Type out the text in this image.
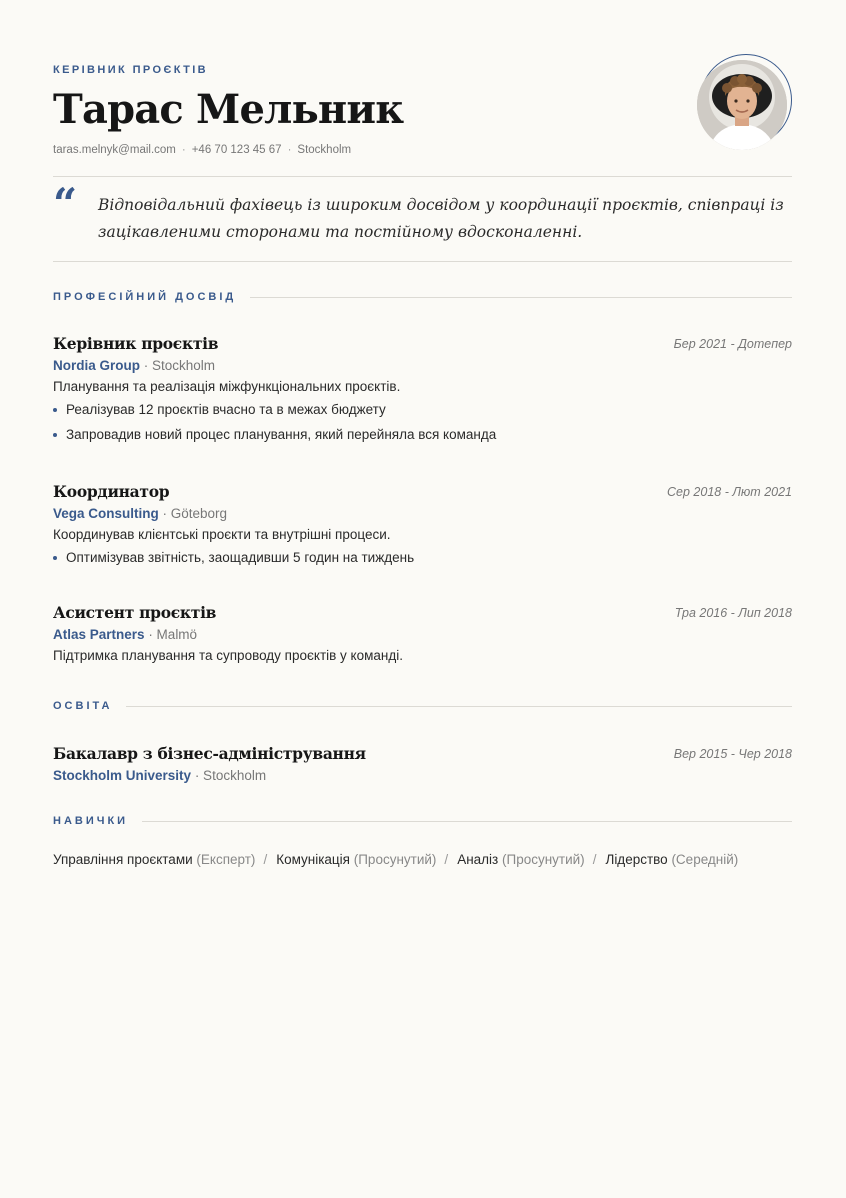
КЕРІВНИК ПРОЄКТІВ
Тарас Мельник
taras.melnyk@mail.com · +46 70 123 45 67 · Stockholm
“ Відповідальний фахівець із широким досвідом у координації проєктів, співпраці із зацікавленими сторонами та постійному вдосконаленні.
ПРОФЕСІЙНИЙ ДОСВІД
Керівник проєктів	Бер 2021 - Дотепер
Nordia Group · Stockholm
Планування та реалізація міжфункціональних проєктів.
Реалізував 12 проєктів вчасно та в межах бюджету
Запровадив новий процес планування, який перейняла вся команда
Координатор	Сер 2018 - Лют 2021
Vega Consulting · Göteborg
Координував клієнтські проєкти та внутрішні процеси.
Оптимізував звітність, заощадивши 5 годин на тиждень
Асистент проєктів	Тра 2016 - Лип 2018
Atlas Partners · Malmö
Підтримка планування та супроводу проєктів у команді.
ОСВІТА
Бакалавр з бізнес-адміністрування	Вер 2015 - Чер 2018
Stockholm University · Stockholm
НАВИЧКИ
Управління проєктами (Експерт) / Комунікація (Просунутий) / Аналіз (Просунутий) / Лідерство (Середній)
